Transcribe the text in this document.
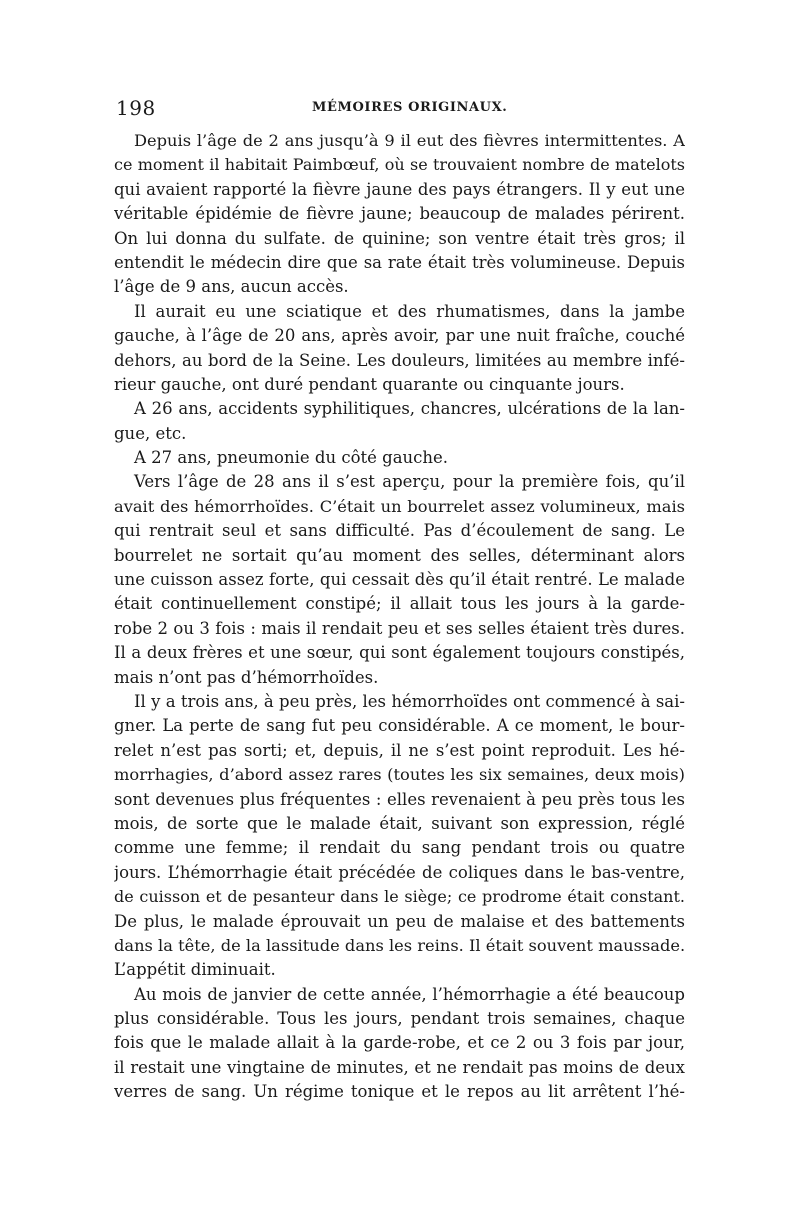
198	MÉMOIRES ORIGINAUX.
Depuis l’âge de 2 ans jusqu’à 9 il eut des fièvres intermittentes. A
ce moment il habitait Paimbœuf, où se trouvaient nombre de matelots
qui avaient rapporté la fièvre jaune des pays étrangers. Il y eut une
véritable épidémie de fièvre jaune; beaucoup de malades périrent.
On lui donna du sulfate. de quinine; son ventre était très gros; il
entendit le médecin dire que sa rate était très volumineuse. Depuis
l’âge de 9 ans, aucun accès.
Il aurait eu une sciatique et des rhumatismes, dans la jambe
gauche, à l’âge de 20 ans, après avoir, par une nuit fraîche, couché
dehors, au bord de la Seine. Les douleurs, limitées au membre infé-
rieur gauche, ont duré pendant quarante ou cinquante jours.
A 26 ans, accidents syphilitiques, chancres, ulcérations de la lan-
gue, etc.
A 27 ans, pneumonie du côté gauche.
Vers l’âge de 28 ans il s’est aperçu, pour la première fois, qu’il
avait des hémorrhoïdes. C’était un bourrelet assez volumineux, mais
qui rentrait seul et sans difficulté. Pas d’écoulement de sang. Le
bourrelet ne sortait qu’au moment des selles, déterminant alors
une cuisson assez forte, qui cessait dès qu’il était rentré. Le malade
était continuellement constipé; il allait tous les jours à la garde-
robe 2 ou 3 fois : mais il rendait peu et ses selles étaient très dures.
Il a deux frères et une sœur, qui sont également toujours constipés,
mais n’ont pas d’hémorrhoïdes.
Il y a trois ans, à peu près, les hémorrhoïdes ont commencé à sai-
gner. La perte de sang fut peu considérable. A ce moment, le bour-
relet n’est pas sorti; et, depuis, il ne s’est point reproduit. Les hé-
morrhagies, d’abord assez rares (toutes les six semaines, deux mois)
sont devenues plus fréquentes : elles revenaient à peu près tous les
mois, de sorte que le malade était, suivant son expression, réglé
comme une femme; il rendait du sang pendant trois ou quatre
jours. L’hémorrhagie était précédée de coliques dans le bas-ventre,
de cuisson et de pesanteur dans le siège; ce prodrome était constant.
De plus, le malade éprouvait un peu de malaise et des battements
dans la tête, de la lassitude dans les reins. Il était souvent maussade.
L’appétit diminuait.
Au mois de janvier de cette année, l’hémorrhagie a été beaucoup
plus considérable. Tous les jours, pendant trois semaines, chaque
fois que le malade allait à la garde-robe, et ce 2 ou 3 fois par jour,
il restait une vingtaine de minutes, et ne rendait pas moins de deux
verres de sang. Un régime tonique et le repos au lit arrêtent l’hé-
